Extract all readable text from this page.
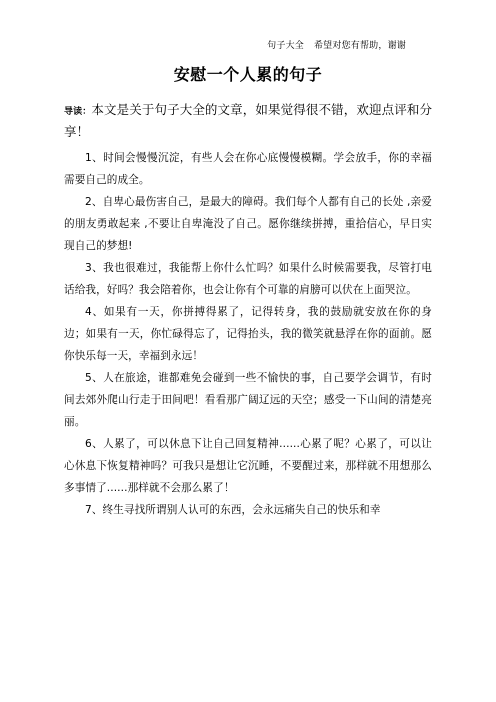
句子大全 希望对您有帮助，谢谢
安慰一个人累的句子

导读：本文是关于句子大全的文章，如果觉得很不错，欢迎点评和分享！

1、时间会慢慢沉淀，有些人会在你心底慢慢模糊。学会放手，你的幸福需要自己的成全。

2、自卑心最伤害自己，是最大的障碍。我们每个人都有自己的长处 ,亲爱的朋友勇敢起来 ,不要让自卑淹没了自己。愿你继续拼搏，重拾信心，早日实现自己的梦想!

3、我也很难过，我能帮上你什么忙吗？如果什么时候需要我，尽管打电话给我，好吗？我会陪着你，也会让你有个可靠的肩膀可以伏在上面哭泣。

4、如果有一天，你拼搏得累了，记得转身，我的鼓励就安放在你的身边；如果有一天，你忙碌得忘了，记得抬头，我的微笑就悬浮在你的面前。愿你快乐每一天，幸福到永远！

5、人在旅途，谁都难免会碰到一些不愉快的事，自己要学会调节，有时间去郊外爬山行走于田间吧！看看那广阔辽远的天空；感受一下山间的清楚亮丽。

6、人累了，可以休息下让自己回复精神......心累了呢？心累了，可以让心休息下恢复精神吗？可我只是想让它沉睡，不要醒过来，那样就不用想那么多事情了......那样就不会那么累了！

7、终生寻找所谓别人认可的东西，会永远痛失自己的快乐和幸
